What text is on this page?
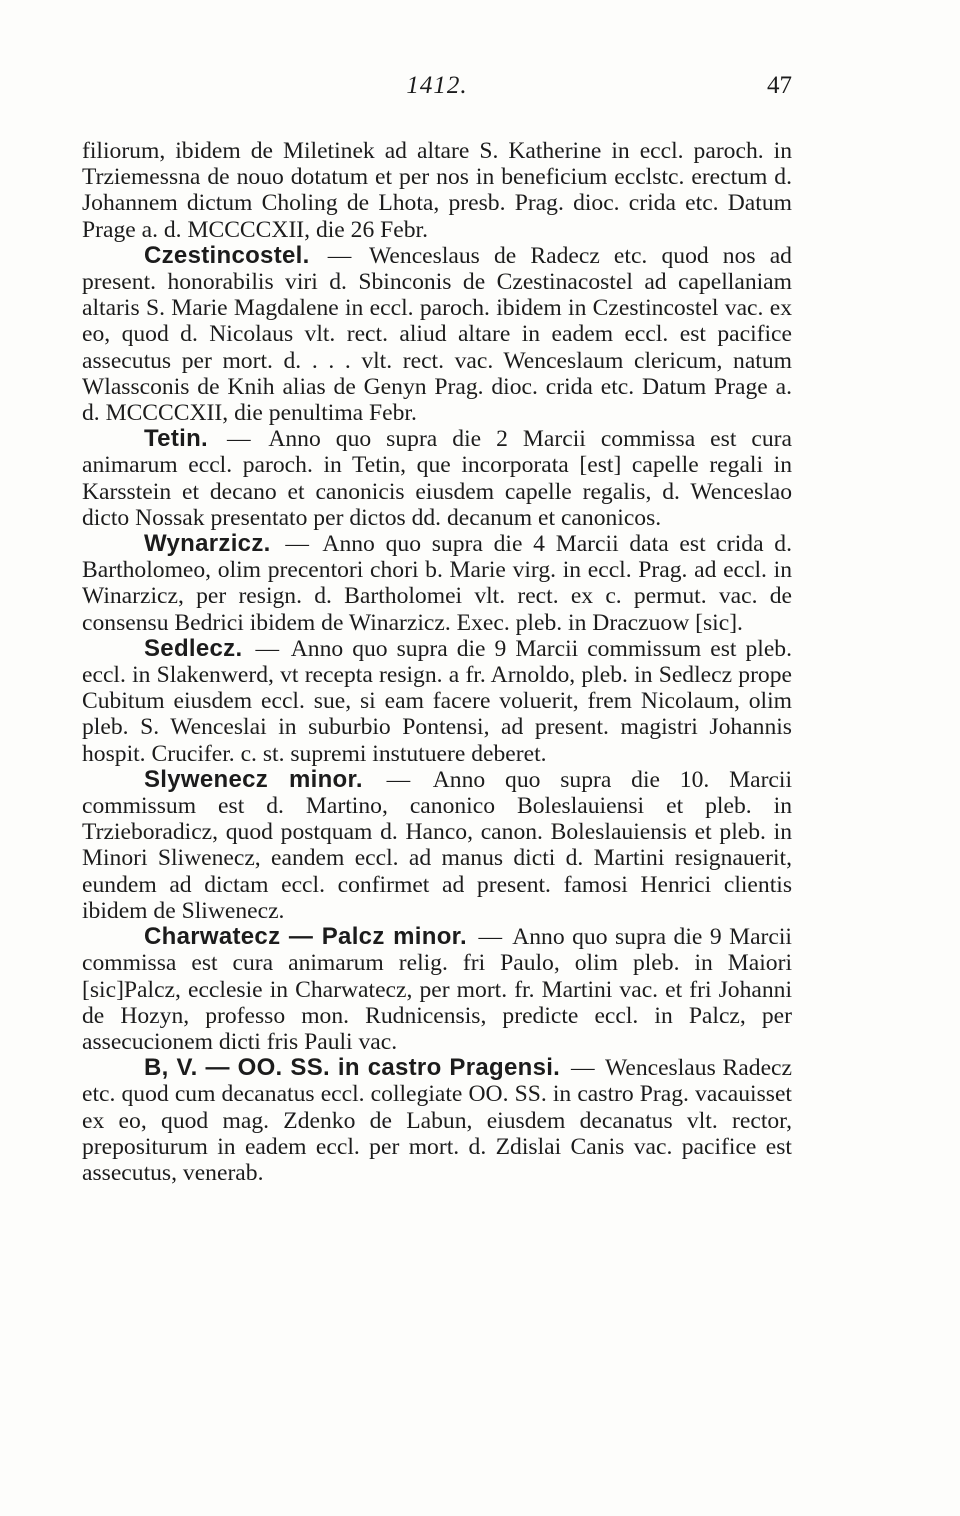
1412.	47

filiorum, ibidem de Miletinek ad altare S. Katherine in eccl. paroch. in Trziemessna de nouo dotatum et per nos in beneficium ecclstc. erectum d. Johannem dictum Choling de Lhota, presb. Prag. dioc. crida etc. Datum Prage a. d. MCCCCXII, die 26 Febr.

Czestincostel. — Wenceslaus de Radecz etc. quod nos ad present. honorabilis viri d. Sbinconis de Czestinacostel ad capellaniam altaris S. Marie Magdalene in eccl. paroch. ibidem in Czestincostel vac. ex eo, quod d. Nicolaus vlt. rect. aliud altare in eadem eccl. est pacifice assecutus per mort. d. . . . vlt. rect. vac. Wenceslaum clericum, natum Wlassconis de Knih alias de Genyn Prag. dioc. crida etc. Datum Prage a. d. MCCCCXII, die penultima Febr.

Tetin. — Anno quo supra die 2 Marcii commissa est cura animarum eccl. paroch. in Tetin, que incorporata [est] capelle regali in Karsstein et decano et canonicis eiusdem capelle regalis, d. Wenceslao dicto Nossak presentato per dictos dd. decanum et canonicos.

Wynarzicz. — Anno quo supra die 4 Marcii data est crida d. Bartholomeo, olim precentori chori b. Marie virg. in eccl. Prag. ad eccl. in Winarzicz, per resign. d. Bartholomei vlt. rect. ex c. permut. vac. de consensu Bedrici ibidem de Winarzicz. Exec. pleb. in Draczuow [sic].

Sedlecz. — Anno quo supra die 9 Marcii commissum est pleb. eccl. in Slakenwerd, vt recepta resign. a fr. Arnoldo, pleb. in Sedlecz prope Cubitum eiusdem eccl. sue, si eam facere voluerit, frem Nicolaum, olim pleb. S. Wenceslai in suburbio Pontensi, ad present. magistri Johannis hospit. Crucifer. c. st. supremi instutuere deberet.

Slywenecz minor. — Anno quo supra die 10. Marcii commissum est d. Martino, canonico Boleslauiensi et pleb. in Trzieboradicz, quod postquam d. Hanco, canon. Boleslauiensis et pleb. in Minori Sliwenecz, eandem eccl. ad manus dicti d. Martini resignauerit, eundem ad dictam eccl. confirmet ad present. famosi Henrici clientis ibidem de Sliwenecz.

Charwatecz — Palcz minor. — Anno quo supra die 9 Marcii commissa est cura animarum relig. fri Paulo, olim pleb. in Maiori [sic]Palcz, ecclesie in Charwatecz, per mort. fr. Martini vac. et fri Johanni de Hozyn, professo mon. Rudnicensis, predicte eccl. in Palcz, per assecucionem dicti fris Pauli vac.

B, V. — OO. SS. in castro Pragensi. — Wenceslaus Radecz etc. quod cum decanatus eccl. collegiate OO. SS. in castro Prag. vacauisset ex eo, quod mag. Zdenko de Labun, eiusdem decanatus vlt. rector, prepositurum in eadem eccl. per mort. d. Zdislai Canis vac. pacifice est assecutus, venerab.
